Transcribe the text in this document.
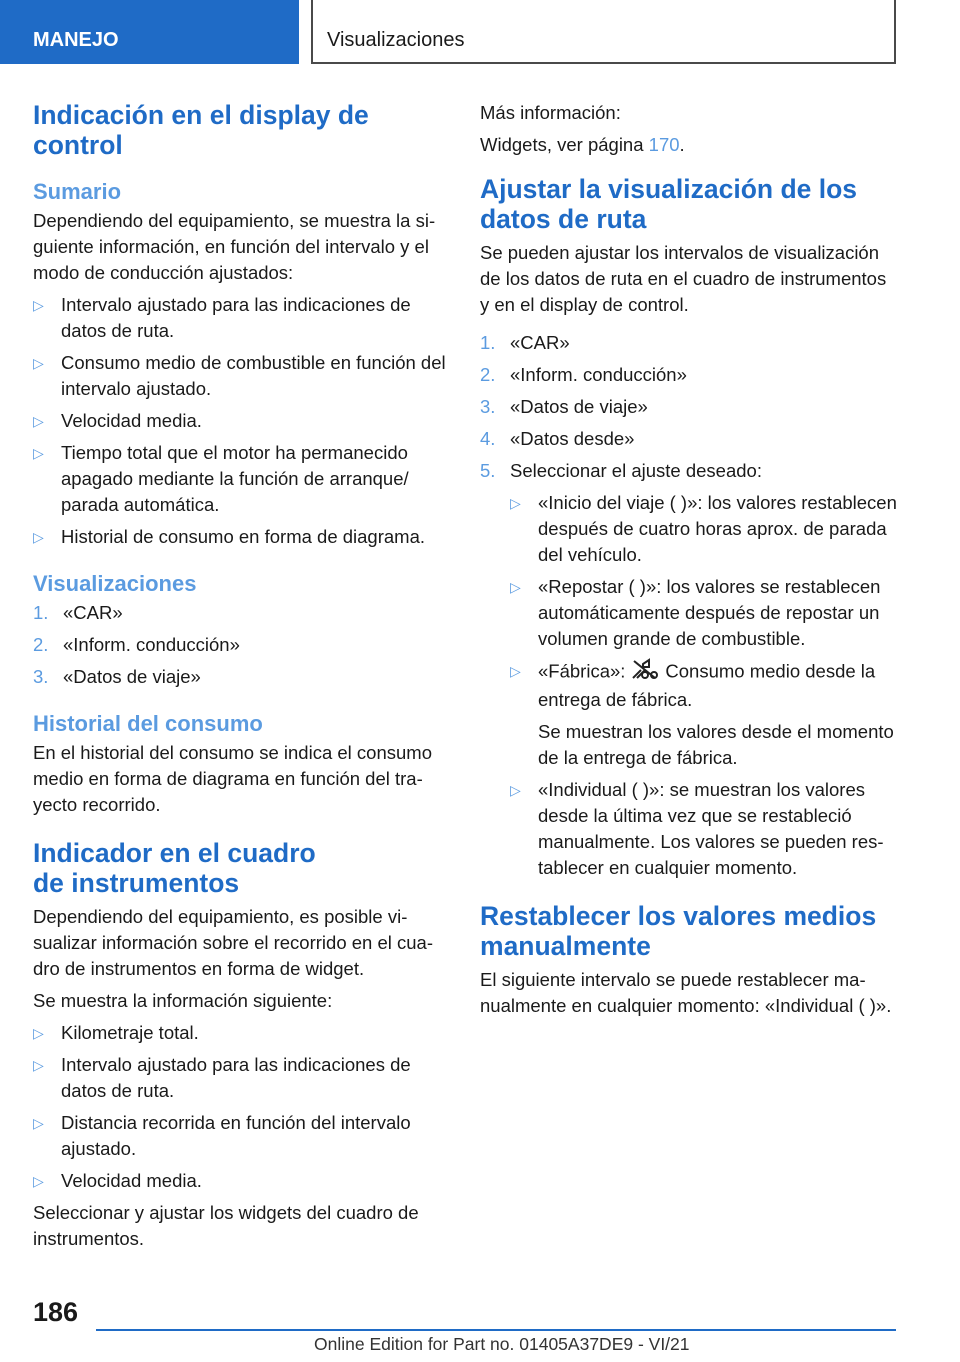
MANEJO	Visualizaciones
Indicación en el display de control
Sumario
Dependiendo del equipamiento, se muestra la siguiente información, en función del intervalo y el modo de conducción ajustados:
▷ Intervalo ajustado para las indicaciones de datos de ruta.
▷ Consumo medio de combustible en función del intervalo ajustado.
▷ Velocidad media.
▷ Tiempo total que el motor ha permanecido apagado mediante la función de arranque/ parada automática.
▷ Historial de consumo en forma de diagrama.
Visualizaciones
1. «CAR»
2. «Inform. conducción»
3. «Datos de viaje»
Historial del consumo
En el historial del consumo se indica el consumo medio en forma de diagrama en función del trayecto recorrido.
Indicador en el cuadro de instrumentos
Dependiendo del equipamiento, es posible visualizar información sobre el recorrido en el cuadro de instrumentos en forma de widget.
Se muestra la información siguiente:
▷ Kilometraje total.
▷ Intervalo ajustado para las indicaciones de datos de ruta.
▷ Distancia recorrida en función del intervalo ajustado.
▷ Velocidad media.
Seleccionar y ajustar los widgets del cuadro de instrumentos.
Más información:
Widgets, ver página 170.
Ajustar la visualización de los datos de ruta
Se pueden ajustar los intervalos de visualización de los datos de ruta en el cuadro de instrumentos y en el display de control.
1. «CAR»
2. «Inform. conducción»
3. «Datos de viaje»
4. «Datos desde»
5. Seleccionar el ajuste deseado:
▷ «Inicio del viaje ( )»: los valores restablecen después de cuatro horas aprox. de parada del vehículo.
▷ «Repostar ( )»: los valores se restablecen automáticamente después de repostar un volumen grande de combustible.
▷ «Fábrica»: Consumo medio desde la entrega de fábrica.
Se muestran los valores desde el momento de la entrega de fábrica.
▷ «Individual ( )»: se muestran los valores desde la última vez que se restableció manualmente. Los valores se pueden restablecer en cualquier momento.
Restablecer los valores medios manualmente
El siguiente intervalo se puede restablecer manualmente en cualquier momento: «Individual ( )».
186
Online Edition for Part no. 01405A37DE9 - VI/21
